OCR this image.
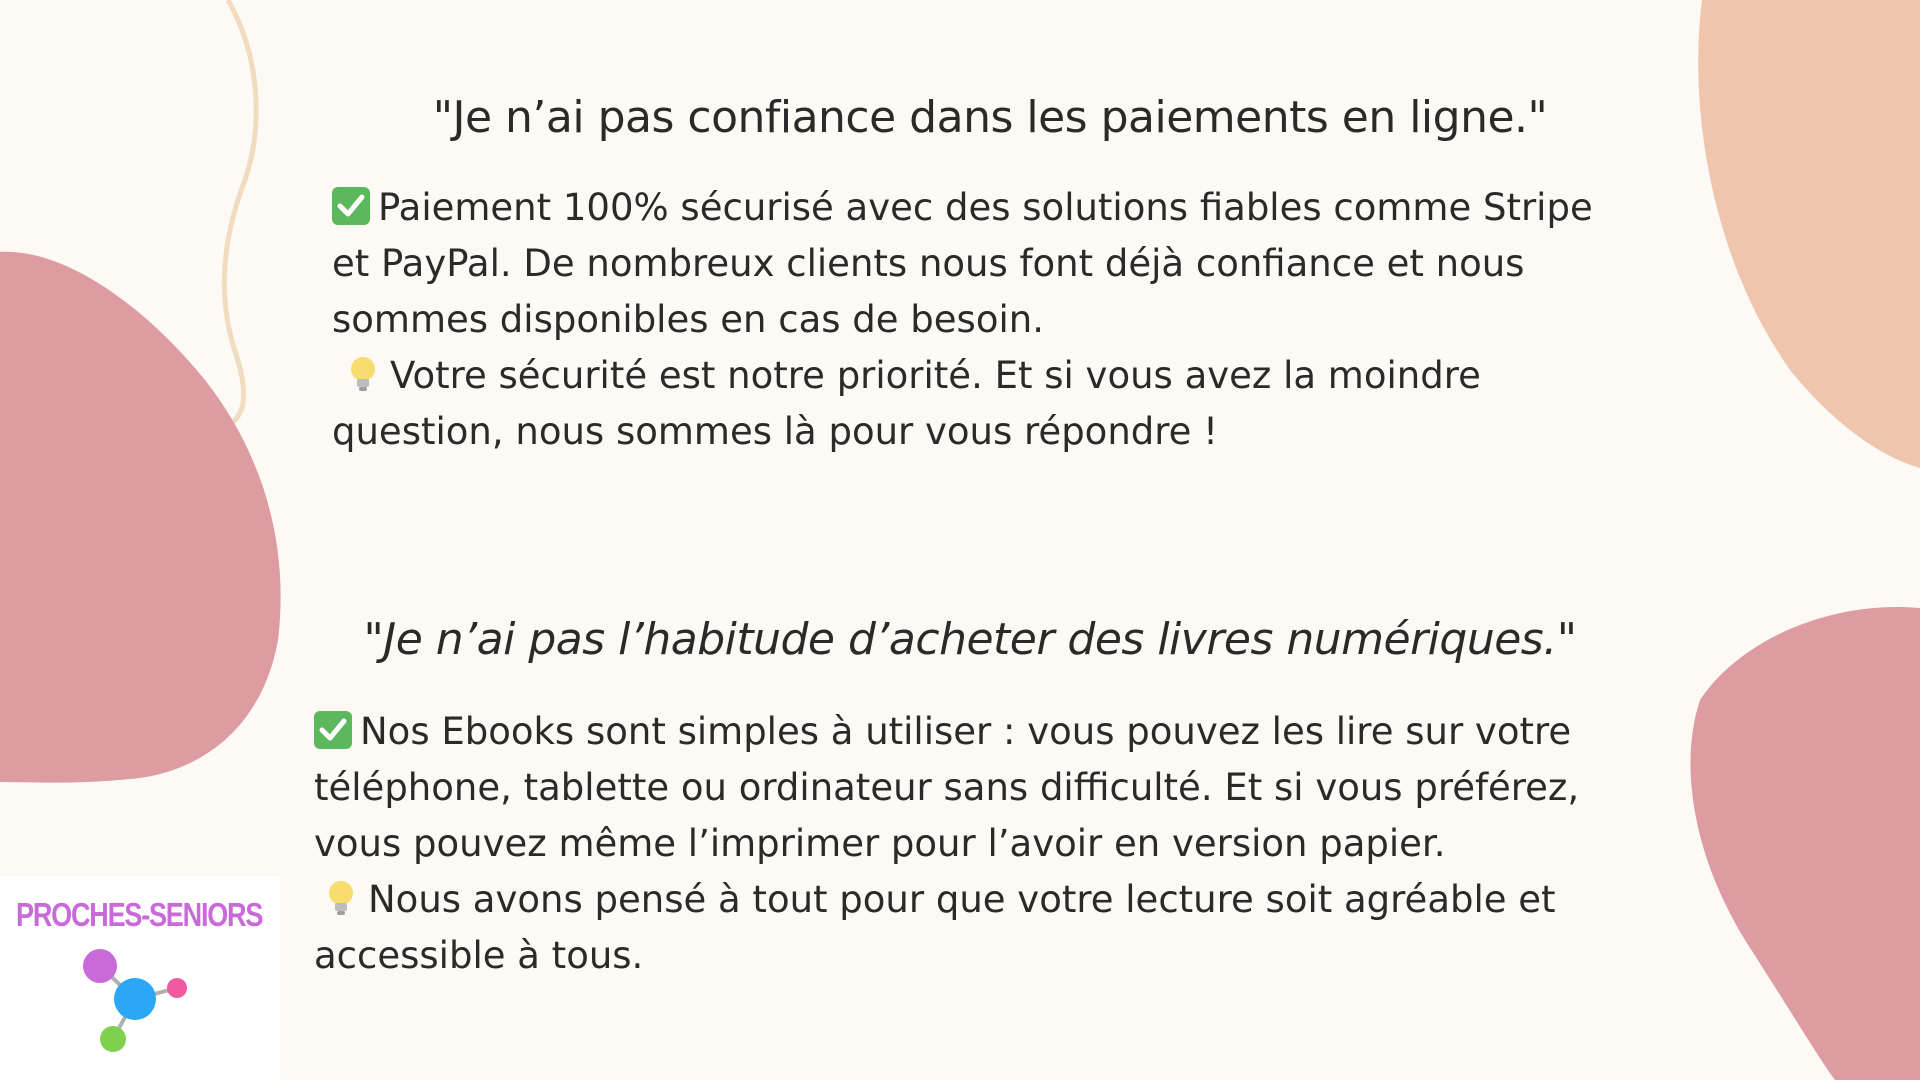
"Je n’ai pas confiance dans les paiements en ligne."
Paiement 100% sécurisé avec des solutions fiables comme Stripe
et PayPal. De nombreux clients nous font déjà confiance et nous
sommes disponibles en cas de besoin.
Votre sécurité est notre priorité. Et si vous avez la moindre
question, nous sommes là pour vous répondre !
"Je n’ai pas l’habitude d’acheter des livres numériques."
Nos Ebooks sont simples à utiliser : vous pouvez les lire sur votre
téléphone, tablette ou ordinateur sans difficulté. Et si vous préférez,
vous pouvez même l’imprimer pour l’avoir en version papier.
Nous avons pensé à tout pour que votre lecture soit agréable et
accessible à tous.
PROCHES-SENIORS
